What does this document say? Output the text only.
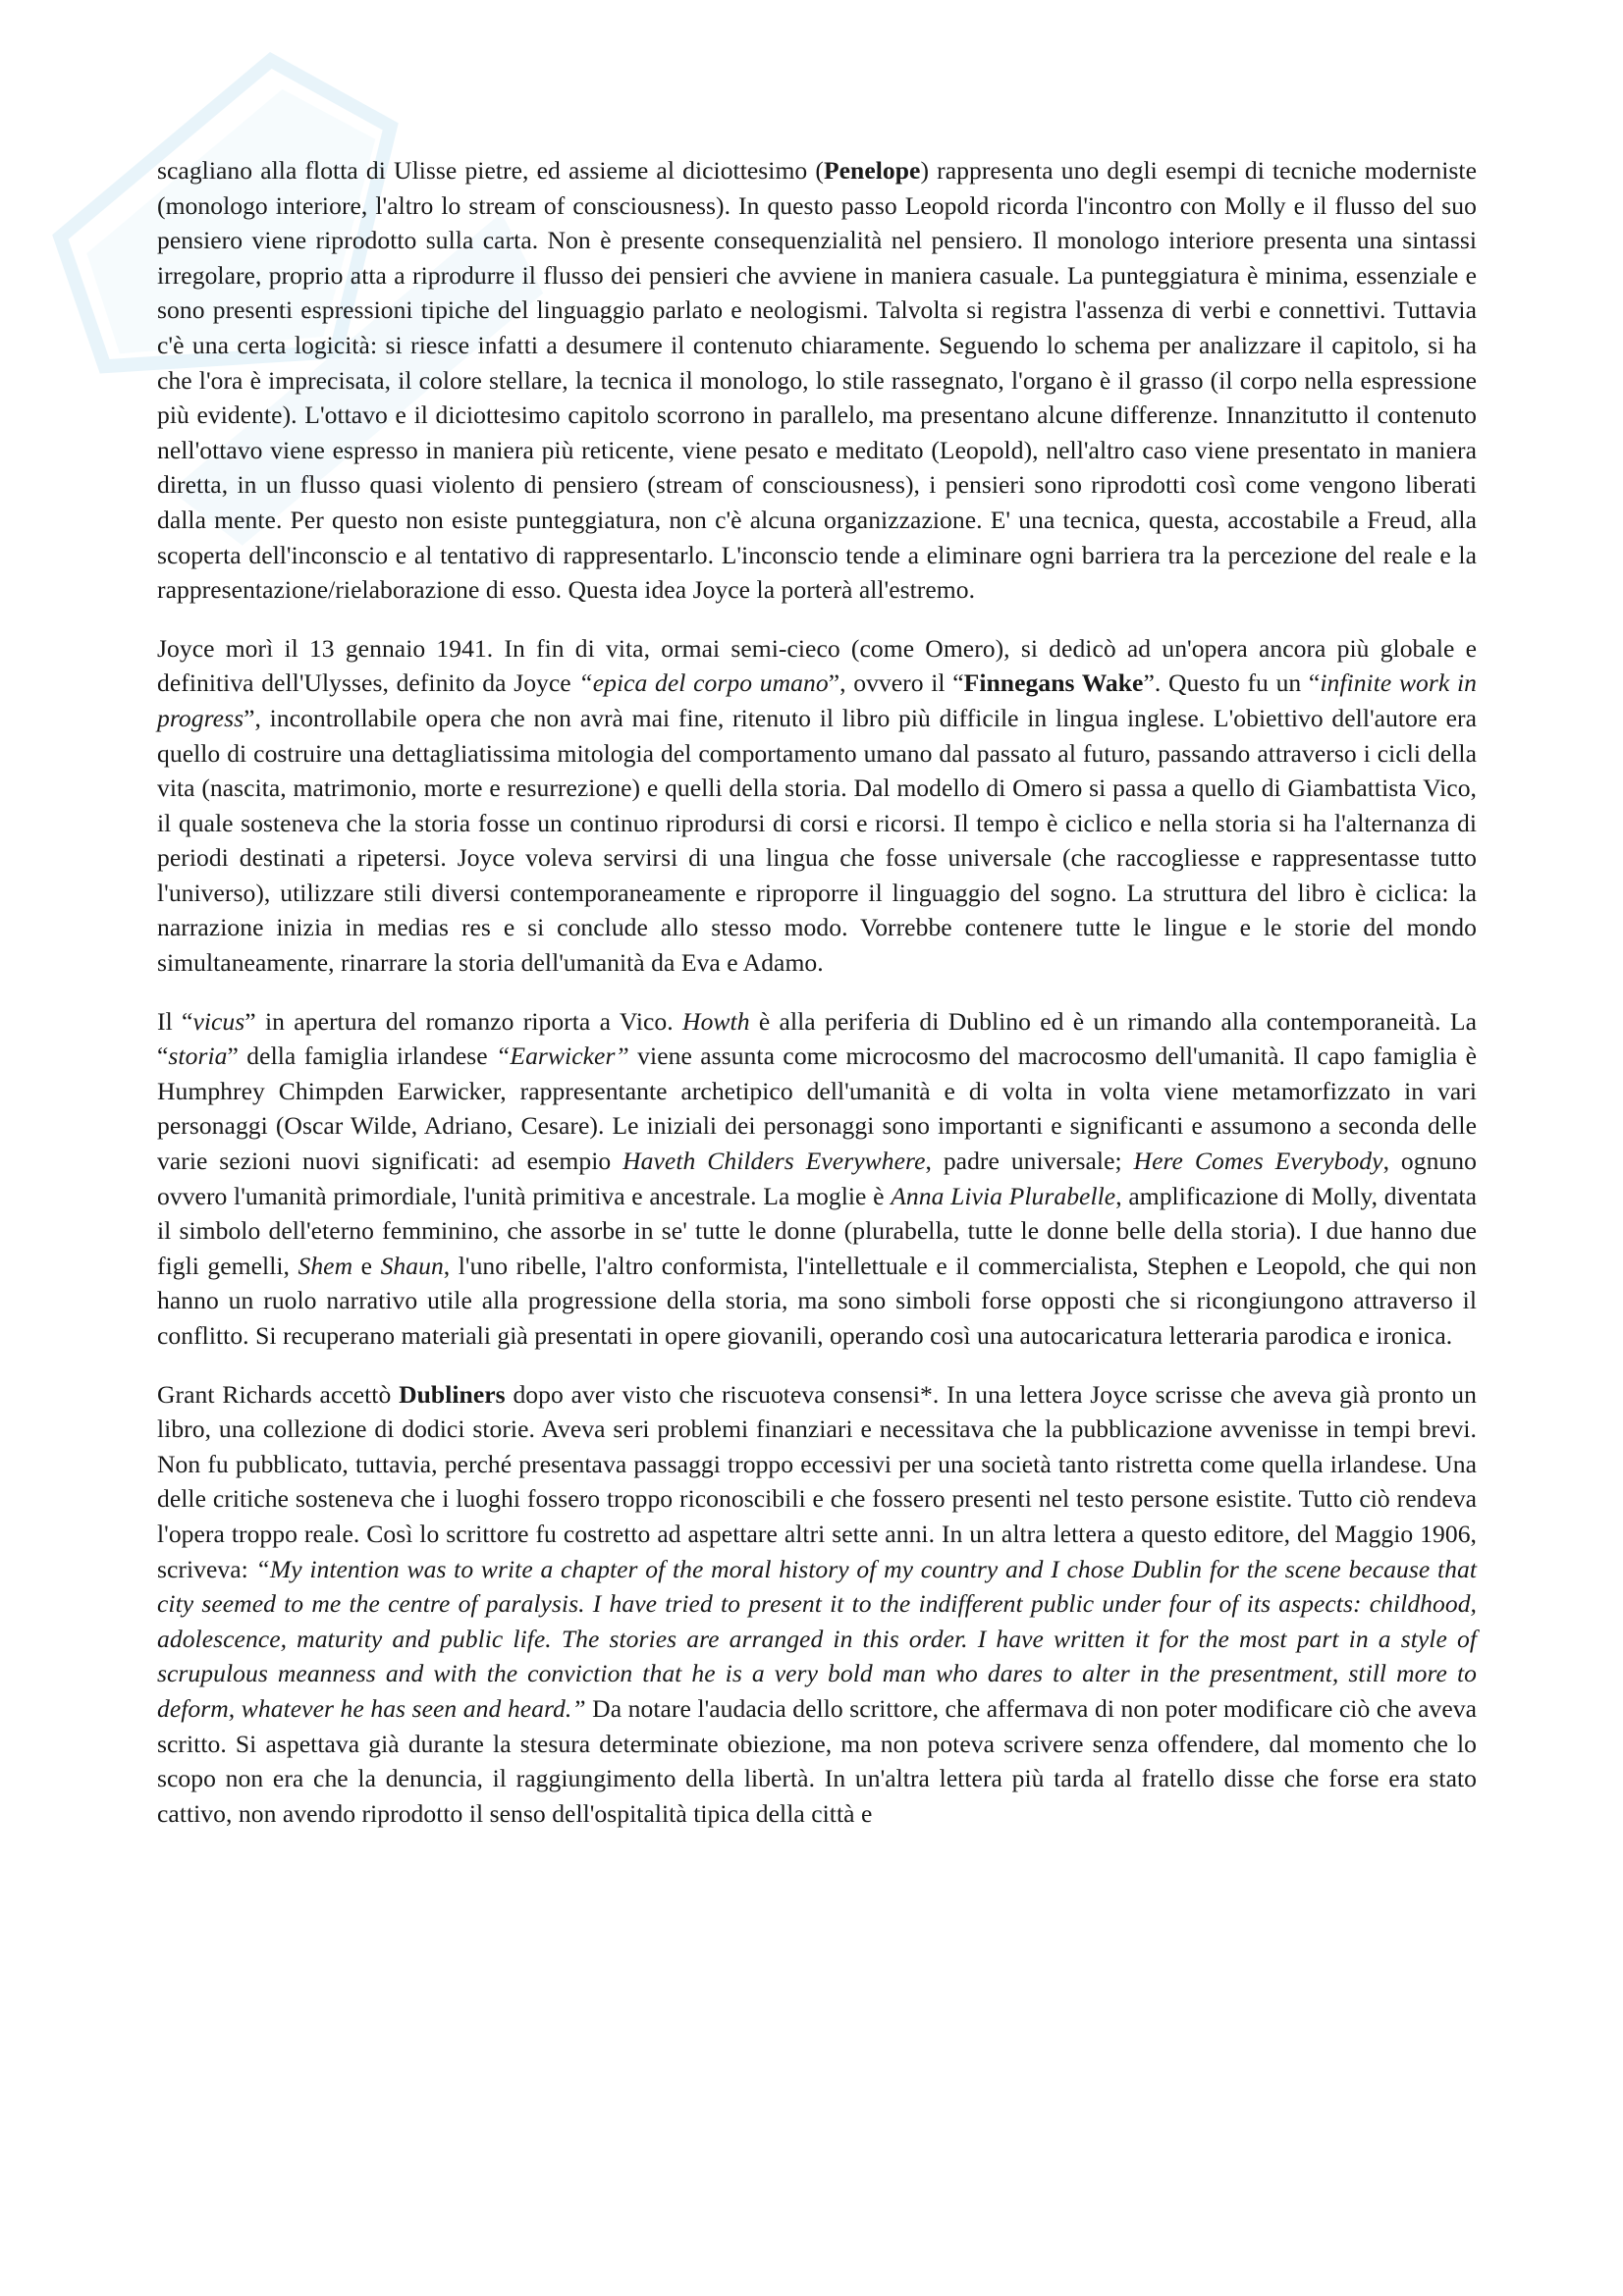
scagliano alla flotta di Ulisse pietre, ed assieme al diciottesimo (Penelope) rappresenta uno degli esempi di tecniche moderniste (monologo interiore, l'altro lo stream of consciousness). In questo passo Leopold ricorda l'incontro con Molly e il flusso del suo pensiero viene riprodotto sulla carta. Non è presente consequenzialità nel pensiero. Il monologo interiore presenta una sintassi irregolare, proprio atta a riprodurre il flusso dei pensieri che avviene in maniera casuale. La punteggiatura è minima, essenziale e sono presenti espressioni tipiche del linguaggio parlato e neologismi. Talvolta si registra l'assenza di verbi e connettivi. Tuttavia c'è una certa logicità: si riesce infatti a desumere il contenuto chiaramente. Seguendo lo schema per analizzare il capitolo, si ha che l'ora è imprecisata, il colore stellare, la tecnica il monologo, lo stile rassegnato, l'organo è il grasso (il corpo nella espressione più evidente). L'ottavo e il diciottesimo capitolo scorrono in parallelo, ma presentano alcune differenze. Innanzitutto il contenuto nell'ottavo viene espresso in maniera più reticente, viene pesato e meditato (Leopold), nell'altro caso viene presentato in maniera diretta, in un flusso quasi violento di pensiero (stream of consciousness), i pensieri sono riprodotti così come vengono liberati dalla mente. Per questo non esiste punteggiatura, non c'è alcuna organizzazione. E' una tecnica, questa, accostabile a Freud, alla scoperta dell'inconscio e al tentativo di rappresentarlo. L'inconscio tende a eliminare ogni barriera tra la percezione del reale e la rappresentazione/rielaborazione di esso. Questa idea Joyce la porterà all'estremo.

Joyce morì il 13 gennaio 1941. In fin di vita, ormai semi-cieco (come Omero), si dedicò ad un'opera ancora più globale e definitiva dell'Ulysses, definito da Joyce “epica del corpo umano”, ovvero il “Finnegans Wake”. Questo fu un “infinite work in progress”, incontrollabile opera che non avrà mai fine, ritenuto il libro più difficile in lingua inglese. L'obiettivo dell'autore era quello di costruire una dettagliatissima mitologia del comportamento umano dal passato al futuro, passando attraverso i cicli della vita (nascita, matrimonio, morte e resurrezione) e quelli della storia. Dal modello di Omero si passa a quello di Giambattista Vico, il quale sosteneva che la storia fosse un continuo riprodursi di corsi e ricorsi. Il tempo è ciclico e nella storia si ha l'alternanza di periodi destinati a ripetersi. Joyce voleva servirsi di una lingua che fosse universale (che raccogliesse e rappresentasse tutto l'universo), utilizzare stili diversi contemporaneamente e riproporre il linguaggio del sogno. La struttura del libro è ciclica: la narrazione inizia in medias res e si conclude allo stesso modo. Vorrebbe contenere tutte le lingue e le storie del mondo simultaneamente, rinarrare la storia dell'umanità da Eva e Adamo.

Il “vicus” in apertura del romanzo riporta a Vico. Howth è alla periferia di Dublino ed è un rimando alla contemporaneità. La “storia” della famiglia irlandese “Earwicker” viene assunta come microcosmo del macrocosmo dell'umanità. Il capo famiglia è Humphrey Chimpden Earwicker, rappresentante archetipico dell'umanità e di volta in volta viene metamorfizzato in vari personaggi (Oscar Wilde, Adriano, Cesare). Le iniziali dei personaggi sono importanti e significanti e assumono a seconda delle varie sezioni nuovi significati: ad esempio Haveth Childers Everywhere, padre universale; Here Comes Everybody, ognuno ovvero l'umanità primordiale, l'unità primitiva e ancestrale. La moglie è Anna Livia Plurabelle, amplificazione di Molly, diventata il simbolo dell'eterno femminino, che assorbe in se' tutte le donne (plurabella, tutte le donne belle della storia). I due hanno due figli gemelli, Shem e Shaun, l'uno ribelle, l'altro conformista, l'intellettuale e il commercialista, Stephen e Leopold, che qui non hanno un ruolo narrativo utile alla progressione della storia, ma sono simboli forse opposti che si ricongiungono attraverso il conflitto. Si recuperano materiali già presentati in opere giovanili, operando così una autocaricatura letteraria parodica e ironica.

Grant Richards accettò Dubliners dopo aver visto che riscuoteva consensi*. In una lettera Joyce scrisse che aveva già pronto un libro, una collezione di dodici storie. Aveva seri problemi finanziari e necessitava che la pubblicazione avvenisse in tempi brevi. Non fu pubblicato, tuttavia, perché presentava passaggi troppo eccessivi per una società tanto ristretta come quella irlandese. Una delle critiche sosteneva che i luoghi fossero troppo riconoscibili e che fossero presenti nel testo persone esistite. Tutto ciò rendeva l'opera troppo reale. Così lo scrittore fu costretto ad aspettare altri sette anni. In un altra lettera a questo editore, del Maggio 1906, scriveva: “My intention was to write a chapter of the moral history of my country and I chose Dublin for the scene because that city seemed to me the centre of paralysis. I have tried to present it to the indifferent public under four of its aspects: childhood, adolescence, maturity and public life. The stories are arranged in this order. I have written it for the most part in a style of scrupulous meanness and with the conviction that he is a very bold man who dares to alter in the presentment, still more to deform, whatever he has seen and heard.” Da notare l'audacia dello scrittore, che affermava di non poter modificare ciò che aveva scritto. Si aspettava già durante la stesura determinate obiezione, ma non poteva scrivere senza offendere, dal momento che lo scopo non era che la denuncia, il raggiungimento della libertà. In un'altra lettera più tarda al fratello disse che forse era stato cattivo, non avendo riprodotto il senso dell'ospitalità tipica della città e
